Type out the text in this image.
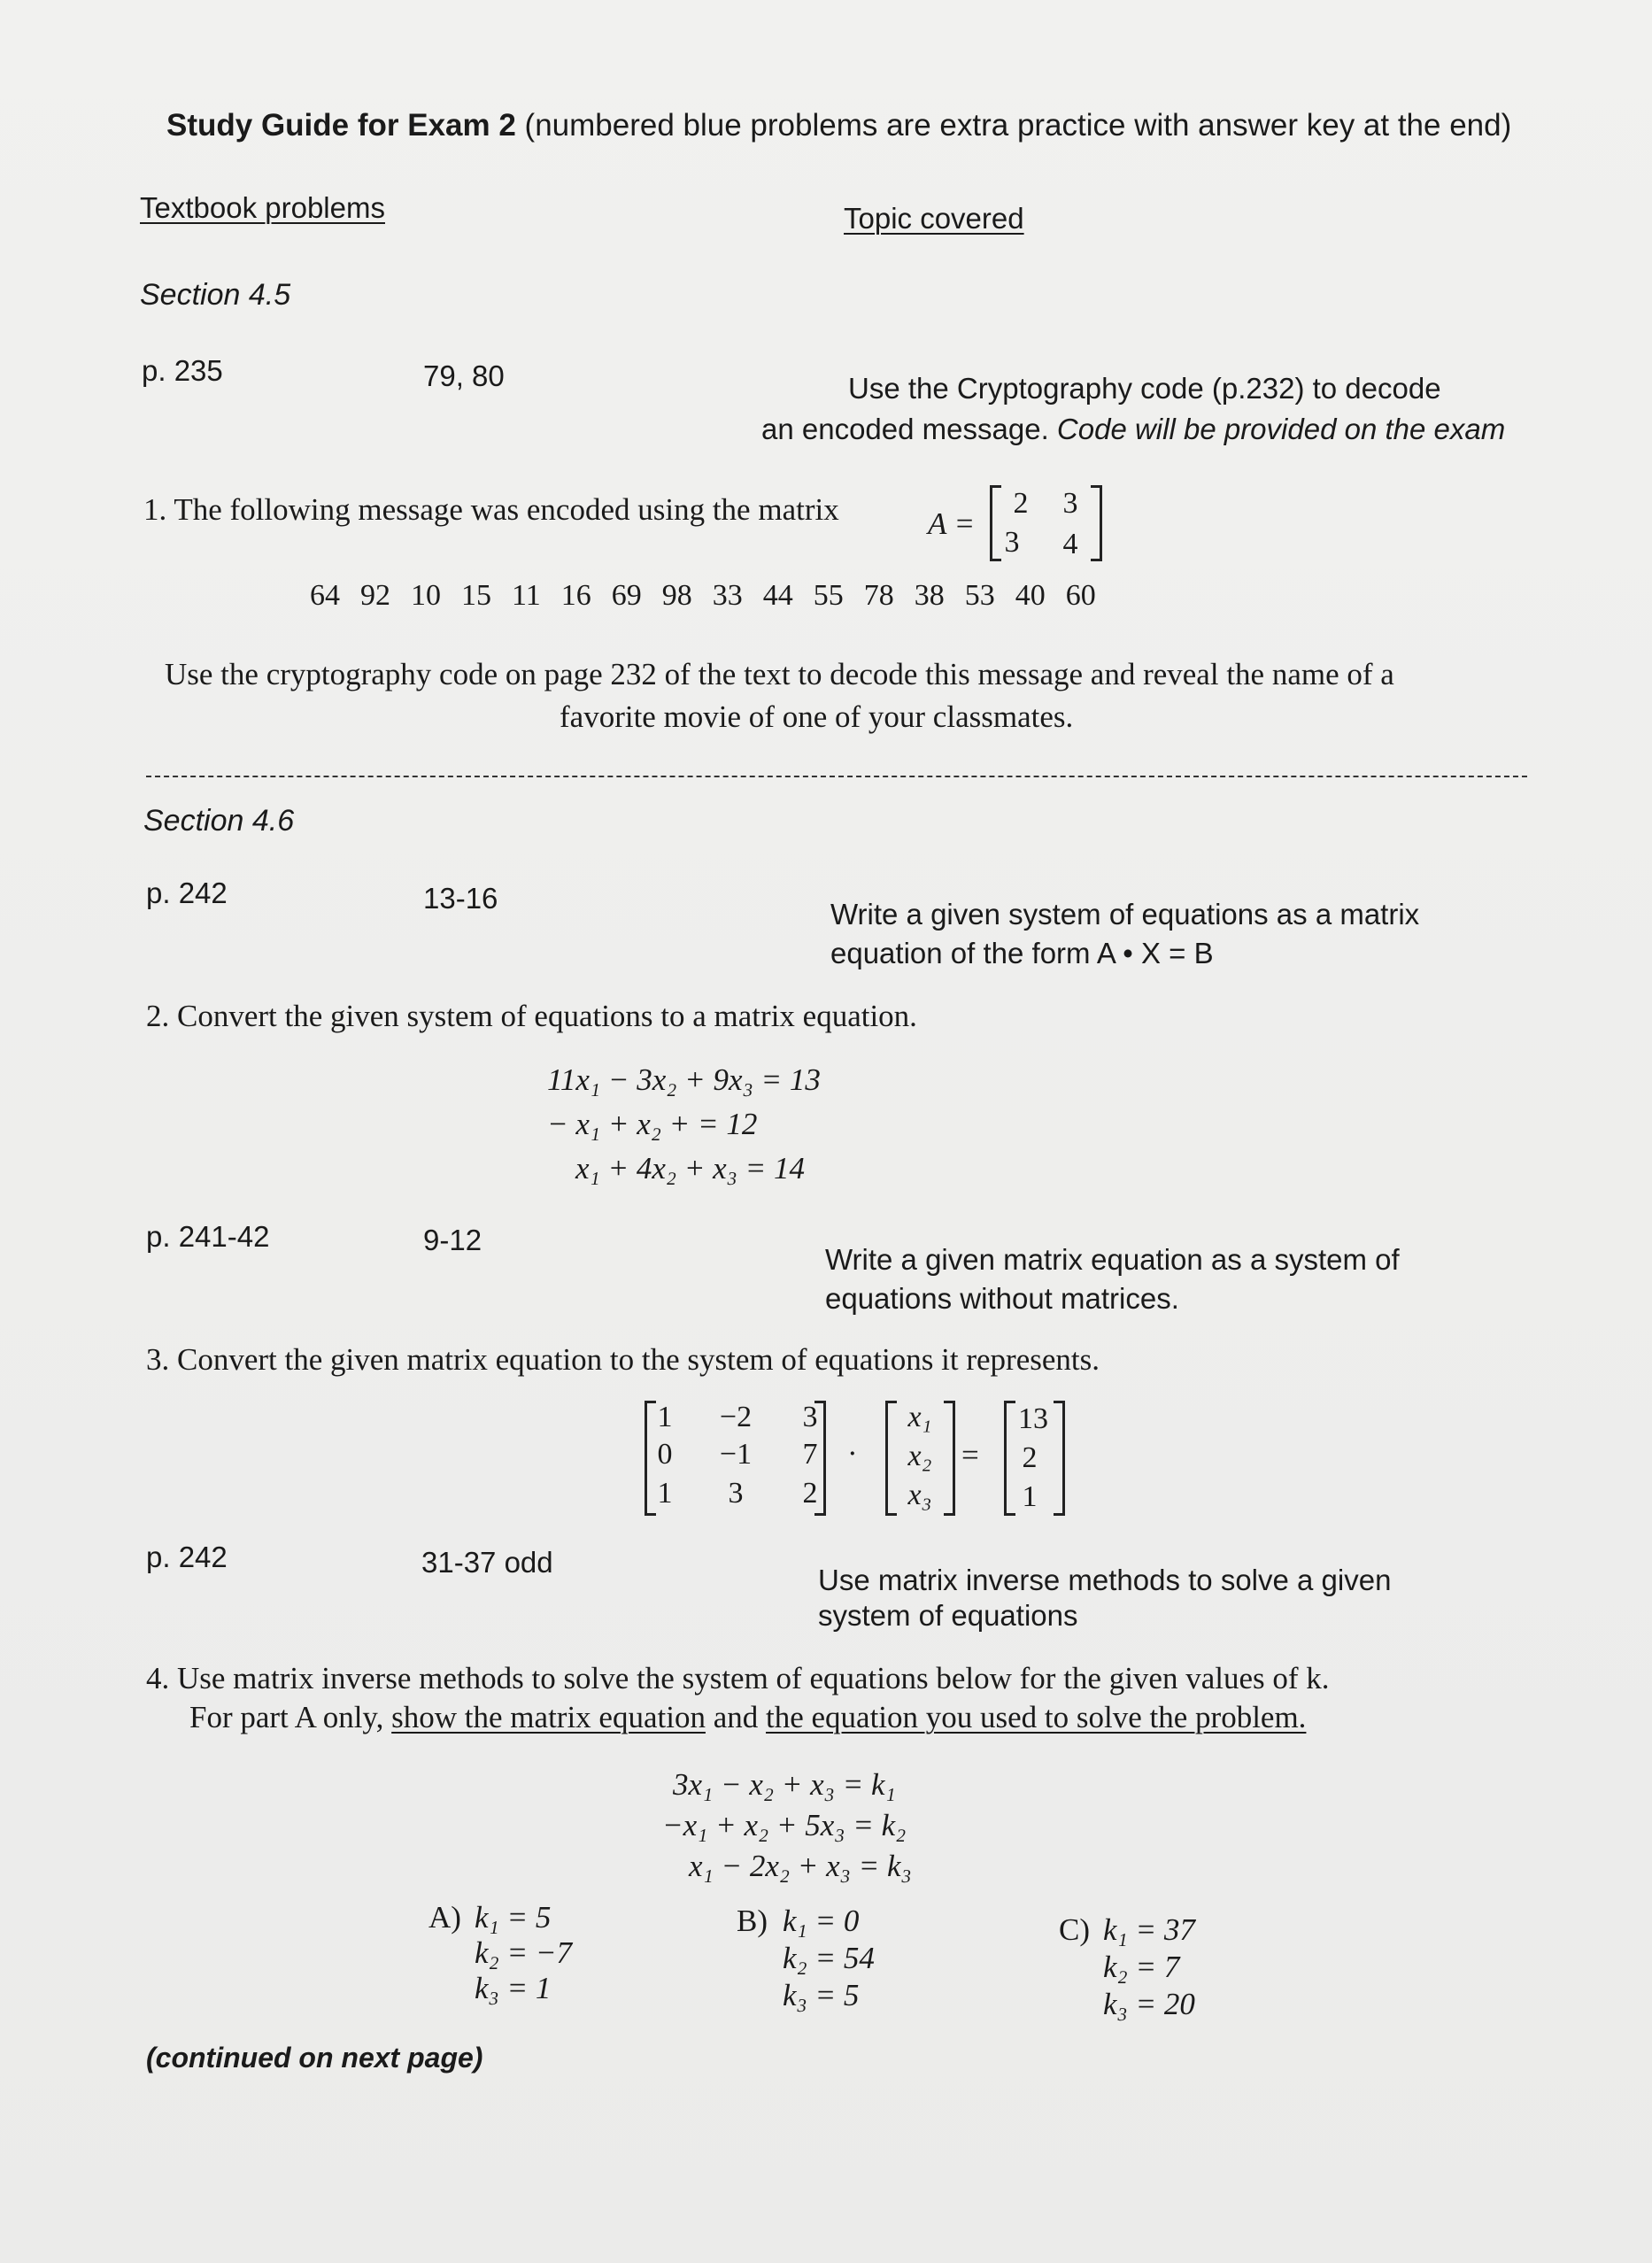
Study Guide for Exam 2 (numbered blue problems are extra practice with answer key at the end)
Textbook problems	Topic covered
Section 4.5
p. 235	79, 80	Use the Cryptography code (p.232) to decode
an encoded message. Code will be provided on the exam
1. The following message was encoded using the matrix	A =
2	3
3	4
64 92 10 15 11 16 69 98 33 44 55 78 38 53 40 60
Use the cryptography code on page 232 of the text to decode this message and reveal the name of a
favorite movie of one of your classmates.
Section 4.6
p. 242	13-16	Write a given system of equations as a matrix
equation of the form A • X = B
2. Convert the given system of equations to a matrix equation.
11x₁ − 3x₂ + 9x₃ = 13
− x₁ + x₂ + = 12
x₁ + 4x₂ + x₃ = 14
p. 241-42	9-12
Write a given matrix equation as a system of
equations without matrices.
3. Convert the given matrix equation to the system of equations it represents.
1	−2	3
0	−1	7
1	3	2
·
x₁
x₂
x₃
=
13
2
1
p. 242	31-37 odd
Use matrix inverse methods to solve a given
system of equations
4. Use matrix inverse methods to solve the system of equations below for the given values of k.
For part A only, show the matrix equation and the equation you used to solve the problem.
3x₁ − x₂ + x₃ = k₁
−x₁ + x₂ + 5x₃ = k₂
x₁ − 2x₂ + x₃ = k₃
A) k₁ = 5
k₂ = −7
k₃ = 1
B) k₁ = 0
k₂ = 54
k₃ = 5
C) k₁ = 37
k₂ = 7
k₃ = 20
(continued on next page)
